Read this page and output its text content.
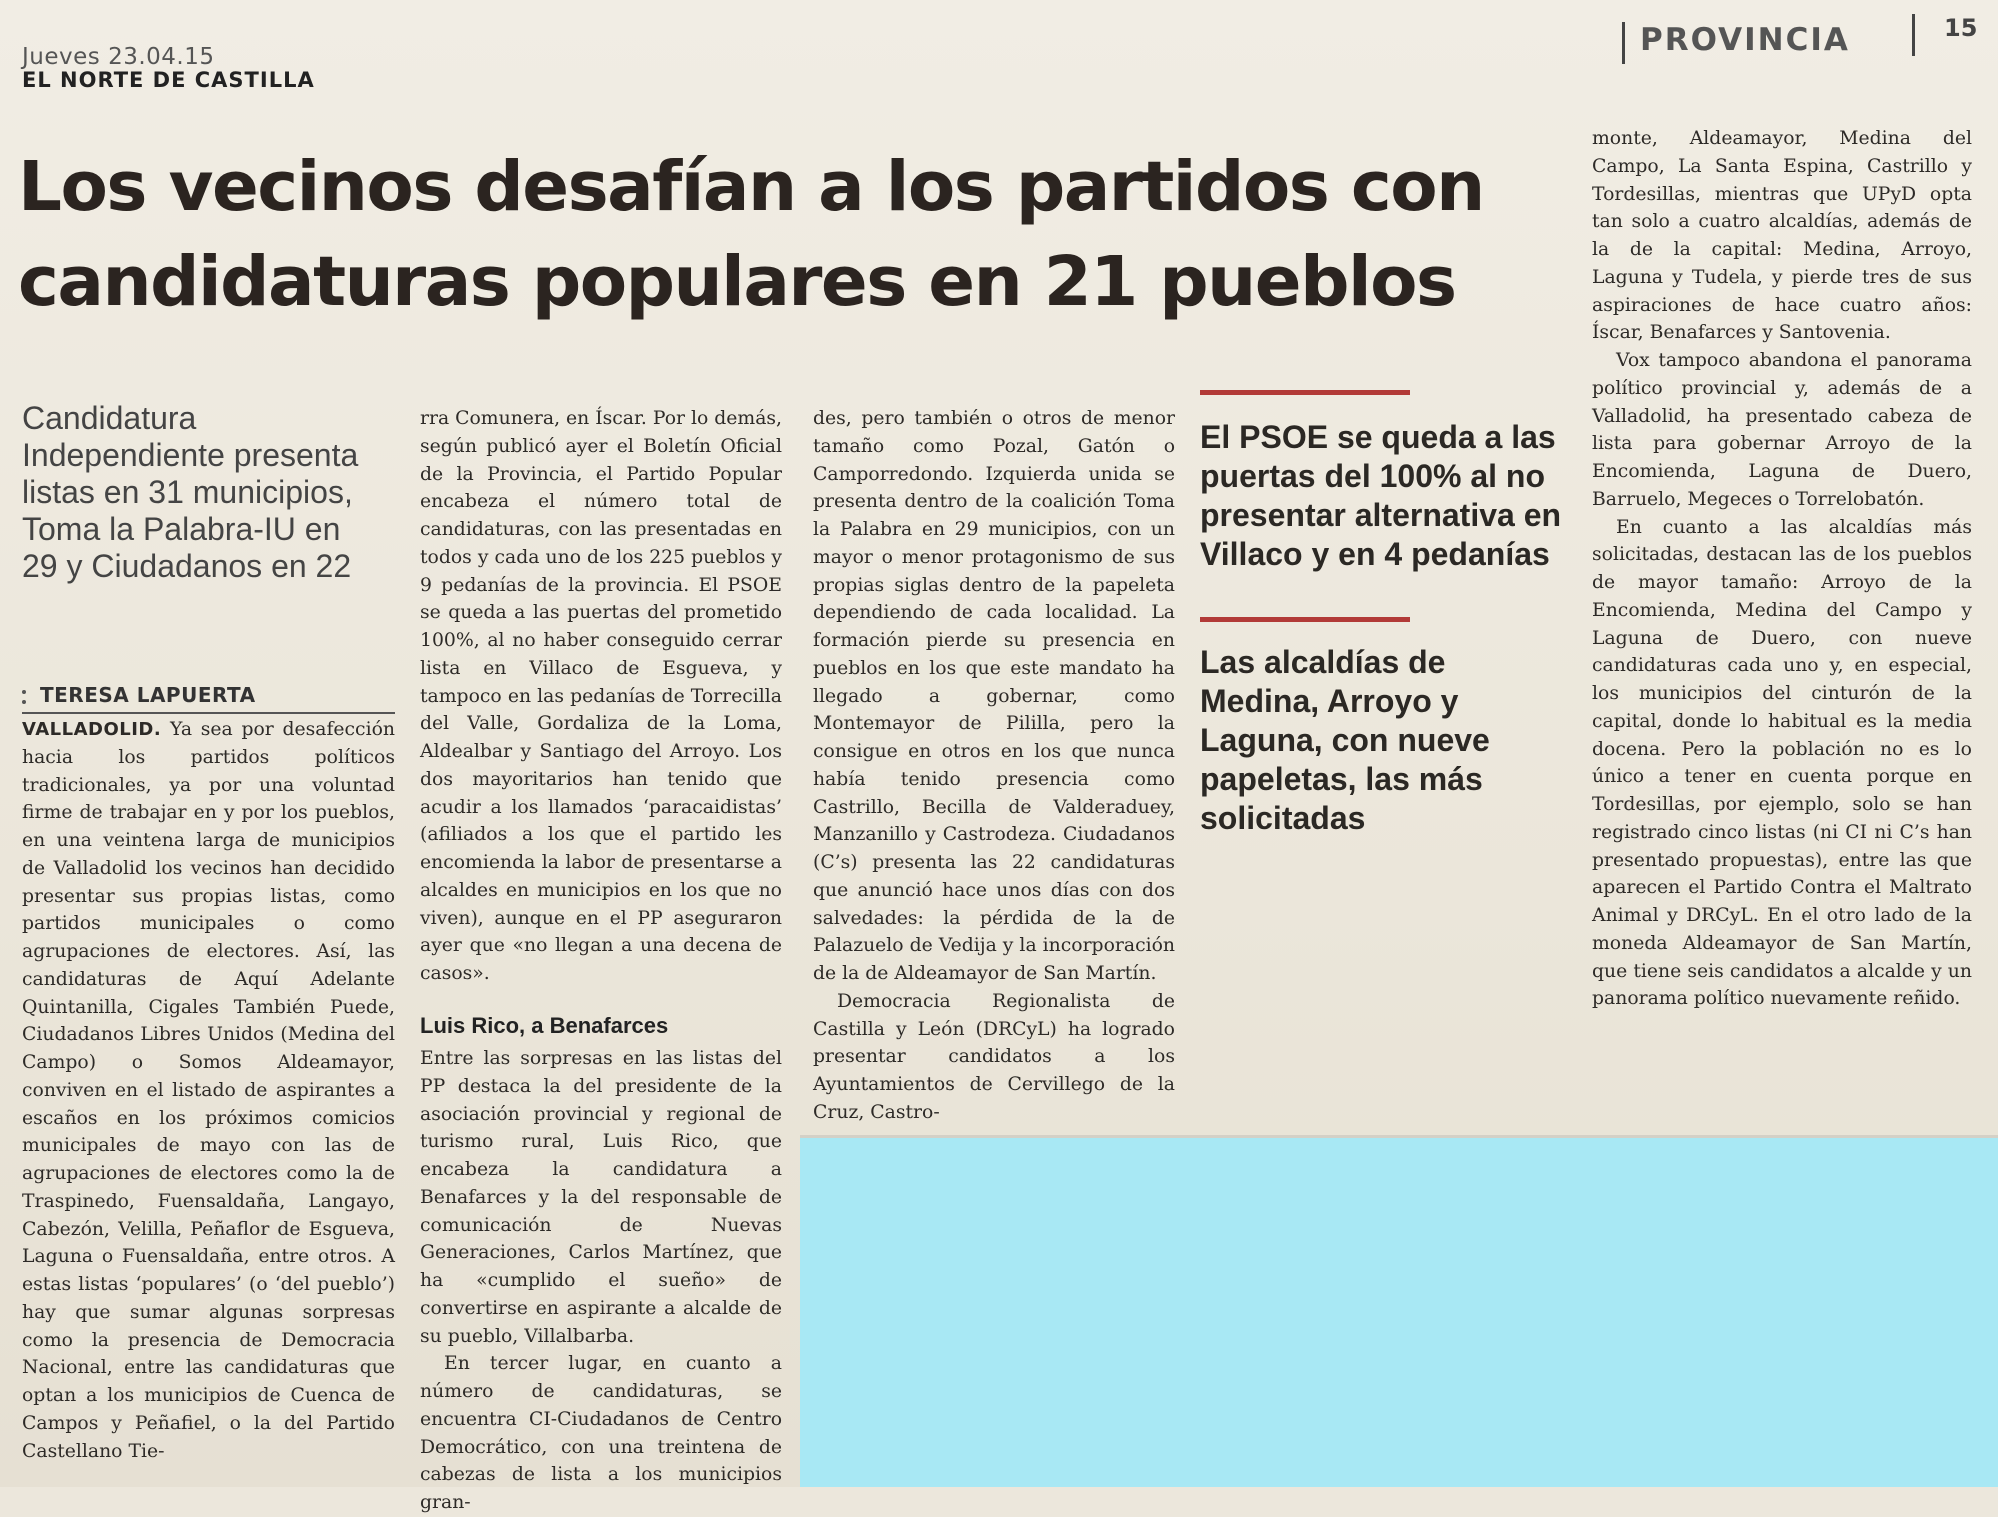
Jueves 23.04.15
EL NORTE DE CASTILLA
PROVINCIA	15
Los vecinos desafían a los partidos con candidaturas populares en 21 pueblos
Candidatura Independiente presenta listas en 31 municipios, Toma la Palabra-IU en 29 y Ciudadanos en 22
TERESA LAPUERTA

VALLADOLID. Ya sea por desafección hacia los partidos políticos tradicionales, ya por una voluntad firme de trabajar en y por los pueblos, en una veintena larga de municipios de Valladolid los vecinos han decidido presentar sus propias listas, como partidos municipales o como agrupaciones de electores. Así, las candidaturas de Aquí Adelante Quintanilla, Cigales También Puede, Ciudadanos Libres Unidos (Medina del Campo) o Somos Aldeamayor, conviven en el listado de aspirantes a escaños en los próximos comicios municipales de mayo con las de agrupaciones de electores como la de Traspinedo, Fuensaldaña, Langayo, Cabezón, Velilla, Peñaflor de Esgueva, Laguna o Fuensaldaña, entre otros. A estas listas ‘populares’ (o ‘del pueblo’) hay que sumar algunas sorpresas como la presencia de Democracia Nacional, entre las candidaturas que optan a los municipios de Cuenca de Campos y Peñafiel, o la del Partido Castellano Tie-

rra Comunera, en Íscar. Por lo demás, según publicó ayer el Boletín Oficial de la Provincia, el Partido Popular encabeza el número total de candidaturas, con las presentadas en todos y cada uno de los 225 pueblos y 9 pedanías de la provincia. El PSOE se queda a las puertas del prometido 100%, al no haber conseguido cerrar lista en Villaco de Esgueva, y tampoco en las pedanías de Torrecilla del Valle, Gordaliza de la Loma, Aldealbar y Santiago del Arroyo. Los dos mayoritarios han tenido que acudir a los llamados ‘paracaidistas’ (afiliados a los que el partido les encomienda la labor de presentarse a alcaldes en municipios en los que no viven), aunque en el PP aseguraron ayer que «no llegan a una decena de casos».

Luis Rico, a Benafarces

Entre las sorpresas en las listas del PP destaca la del presidente de la asociación provincial y regional de turismo rural, Luis Rico, que encabeza la candidatura a Benafarces y la del responsable de comunicación de Nuevas Generaciones, Carlos Martínez, que ha «cumplido el sueño» de convertirse en aspirante a alcalde de su pueblo, Villalbarba.

En tercer lugar, en cuanto a número de candidaturas, se encuentra CI-Ciudadanos de Centro Democrático, con una treintena de cabezas de lista a los municipios gran-

des, pero también o otros de menor tamaño como Pozal, Gatón o Camporredondo. Izquierda unida se presenta dentro de la coalición Toma la Palabra en 29 municipios, con un mayor o menor protagonismo de sus propias siglas dentro de la papeleta dependiendo de cada localidad. La formación pierde su presencia en pueblos en los que este mandato ha llegado a gobernar, como Montemayor de Pililla, pero la consigue en otros en los que nunca había tenido presencia como Castrillo, Becilla de Valderaduey, Manzanillo y Castrodeza. Ciudadanos (C’s) presenta las 22 candidaturas que anunció hace unos días con dos salvedades: la pérdida de la de Palazuelo de Vedija y la incorporación de la de Aldeamayor de San Martín.

Democracia Regionalista de Castilla y León (DRCyL) ha logrado presentar candidatos a los Ayuntamientos de Cervillego de la Cruz, Castro-

El PSOE se queda a las puertas del 100% al no presentar alternativa en Villaco y en 4 pedanías
Las alcaldías de Medina, Arroyo y Laguna, con nueve papeletas, las más solicitadas

monte, Aldeamayor, Medina del Campo, La Santa Espina, Castrillo y Tordesillas, mientras que UPyD opta tan solo a cuatro alcaldías, además de la de la capital: Medina, Arroyo, Laguna y Tudela, y pierde tres de sus aspiraciones de hace cuatro años: Íscar, Benafarces y Santovenia.

Vox tampoco abandona el panorama político provincial y, además de a Valladolid, ha presentado cabeza de lista para gobernar Arroyo de la Encomienda, Laguna de Duero, Barruelo, Megeces o Torrelobatón.

En cuanto a las alcaldías más solicitadas, destacan las de los pueblos de mayor tamaño: Arroyo de la Encomienda, Medina del Campo y Laguna de Duero, con nueve candidaturas cada uno y, en especial, los municipios del cinturón de la capital, donde lo habitual es la media docena. Pero la población no es lo único a tener en cuenta porque en Tordesillas, por ejemplo, solo se han registrado cinco listas (ni CI ni C’s han presentado propuestas), entre las que aparecen el Partido Contra el Maltrato Animal y DRCyL. En el otro lado de la moneda Aldeamayor de San Martín, que tiene seis candidatos a alcalde y un panorama político nuevamente reñido.
